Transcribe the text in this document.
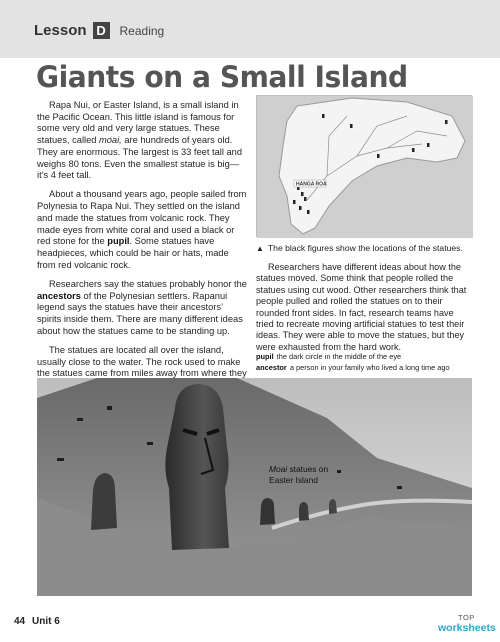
Lesson D	Reading
Giants on a Small Island

Rapa Nui, or Easter Island, is a small island in the Pacific Ocean. This little island is famous for some very old and very large statues. These statues, called moai, are hundreds of years old. They are enormous. The largest is 33 feet tall and weighs 80 tons. Even the smallest statue is big—it’s 4 feet tall.

About a thousand years ago, people sailed from Polynesia to Rapa Nui. They settled on the island and made the statues from volcanic rock. They made eyes from white coral and used a black or red stone for the pupil. Some statues have headpieces, which could be hair or hats, made from red volcanic rock.

Researchers say the statues probably honor the ancestors of the Polynesian settlers. Rapanui legend says the statues have their ancestors’ spirits inside them. There are many different ideas about how the statues came to be standing up.

The statues are located all over the island, usually close to the water. The rock used to make the statues came from miles away from where they

∙ ∙ ∙
∙ ∙
∙ ∙
∙ ∙ ∙
∙ ∙
∙ ∙
∙ ∙
∙ ∙	∙ ∙ ∙
HANGA ROA
▲ The black figures show the locations of the statues.

Researchers have different ideas about how the statues moved. Some think that people rolled the statues using cut wood. Other researchers think that people pulled and rolled the statues on to their rounded front sides. In fact, research teams have tried to recreate moving artificial statues to test their ideas. They were able to move the statues, but they were exhausted from the hard work.

pupil the dark circle in the middle of the eye
ancestor a person in your family who lived a long time ago
Moai statues on
Easter Island
44 Unit 6	TOP
worksheets
